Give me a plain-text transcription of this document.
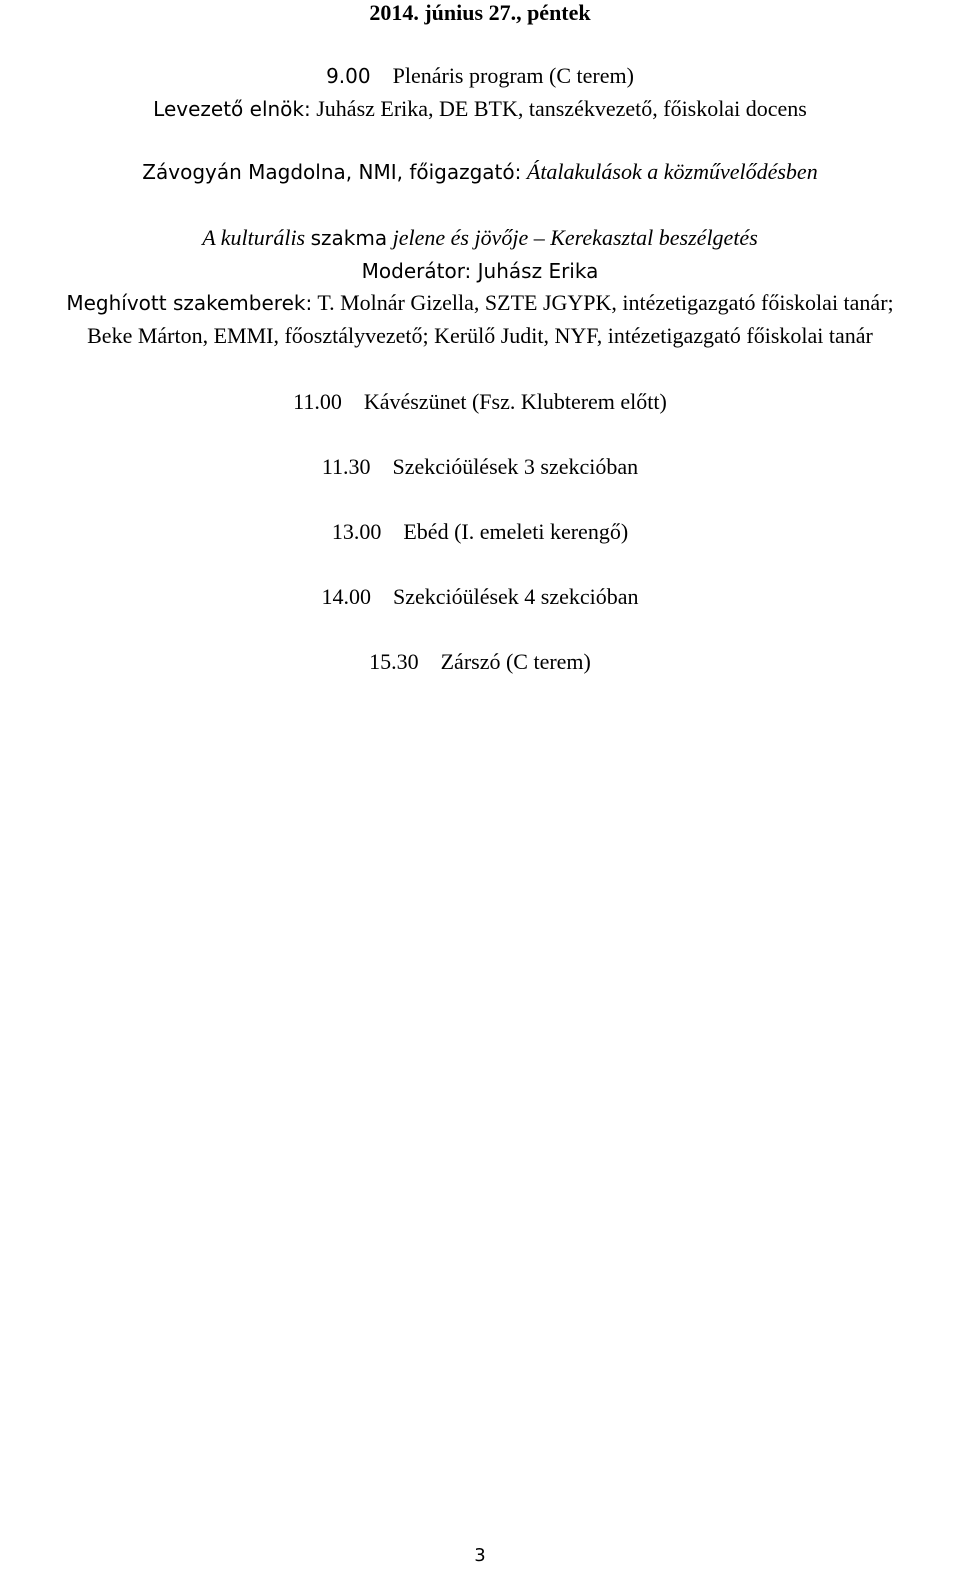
2014. június 27., péntek
9.00 Plenáris program (C terem)
Levezető elnök: Juhász Erika, DE BTK, tanszékvezető, főiskolai docens
Závogyán Magdolna, NMI, főigazgató: Átalakulások a közművelődésben
A kulturális szakma jelene és jövője – Kerekasztal beszélgetés
Moderátor: Juhász Erika
Meghívott szakemberek: T. Molnár Gizella, SZTE JGYPK, intézetigazgató főiskolai tanár;
Beke Márton, EMMI, főosztályvezető; Kerülő Judit, NYF, intézetigazgató főiskolai tanár
11.00 Kávészünet (Fsz. Klubterem előtt)
11.30 Szekcióülések 3 szekcióban
13.00 Ebéd (I. emeleti kerengő)
14.00 Szekcióülések 4 szekcióban
15.30 Zárszó (C terem)
3
